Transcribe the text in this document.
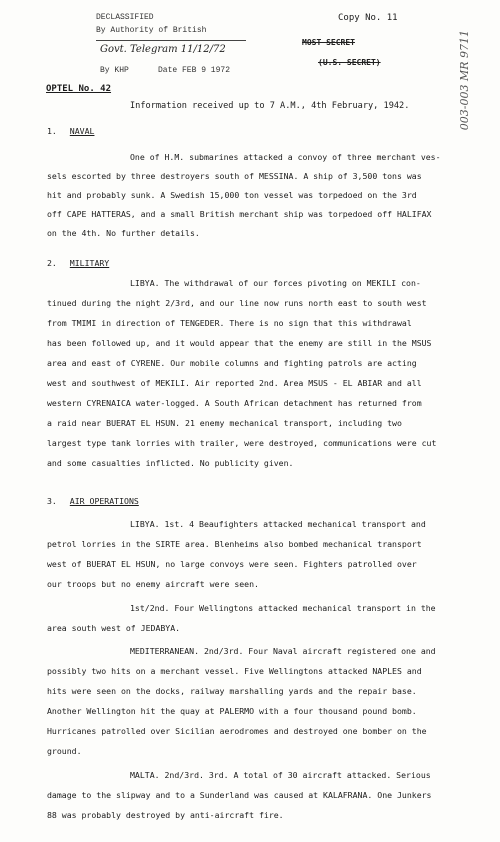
DECLASSIFIED
By Authority of British
Govt. Telegram 11/12/72
By KHP	Date FEB 9 1972
Copy No. 11
MOST SECRET
(U.S. SECRET)	003-003 MR 9711
OPTEL No. 42
Information received up to 7 A.M., 4th February, 1942.
1. NAVAL
One of H.M. submarines attacked a convoy of three merchant ves-
sels escorted by three destroyers south of MESSINA. A ship of 3,500 tons was
hit and probably sunk. A Swedish 15,000 ton vessel was torpedoed on the 3rd
off CAPE HATTERAS, and a small British merchant ship was torpedoed off HALIFAX
on the 4th. No further details.
2. MILITARY
LIBYA. The withdrawal of our forces pivoting on MEKILI con-
tinued during the night 2/3rd, and our line now runs north east to south west
from TMIMI in direction of TENGEDER. There is no sign that this withdrawal
has been followed up, and it would appear that the enemy are still in the MSUS
area and east of CYRENE. Our mobile columns and fighting patrols are acting
west and southwest of MEKILI. Air reported 2nd. Area MSUS - EL ABIAR and all
western CYRENAICA water-logged. A South African detachment has returned from
a raid near BUERAT EL HSUN. 21 enemy mechanical transport, including two
largest type tank lorries with trailer, were destroyed, communications were cut
and some casualties inflicted. No publicity given.
3. AIR OPERATIONS
LIBYA. 1st. 4 Beaufighters attacked mechanical transport and
petrol lorries in the SIRTE area. Blenheims also bombed mechanical transport
west of BUERAT EL HSUN, no large convoys were seen. Fighters patrolled over
our troops but no enemy aircraft were seen.
1st/2nd. Four Wellingtons attacked mechanical transport in the
area south west of JEDABYA.
MEDITERRANEAN. 2nd/3rd. Four Naval aircraft registered one and
possibly two hits on a merchant vessel. Five Wellingtons attacked NAPLES and
hits were seen on the docks, railway marshalling yards and the repair base.
Another Wellington hit the quay at PALERMO with a four thousand pound bomb.
Hurricanes patrolled over Sicilian aerodromes and destroyed one bomber on the
ground.
MALTA. 2nd/3rd. 3rd. A total of 30 aircraft attacked. Serious
damage to the slipway and to a Sunderland was caused at KALAFRANA. One Junkers
88 was probably destroyed by anti-aircraft fire.
